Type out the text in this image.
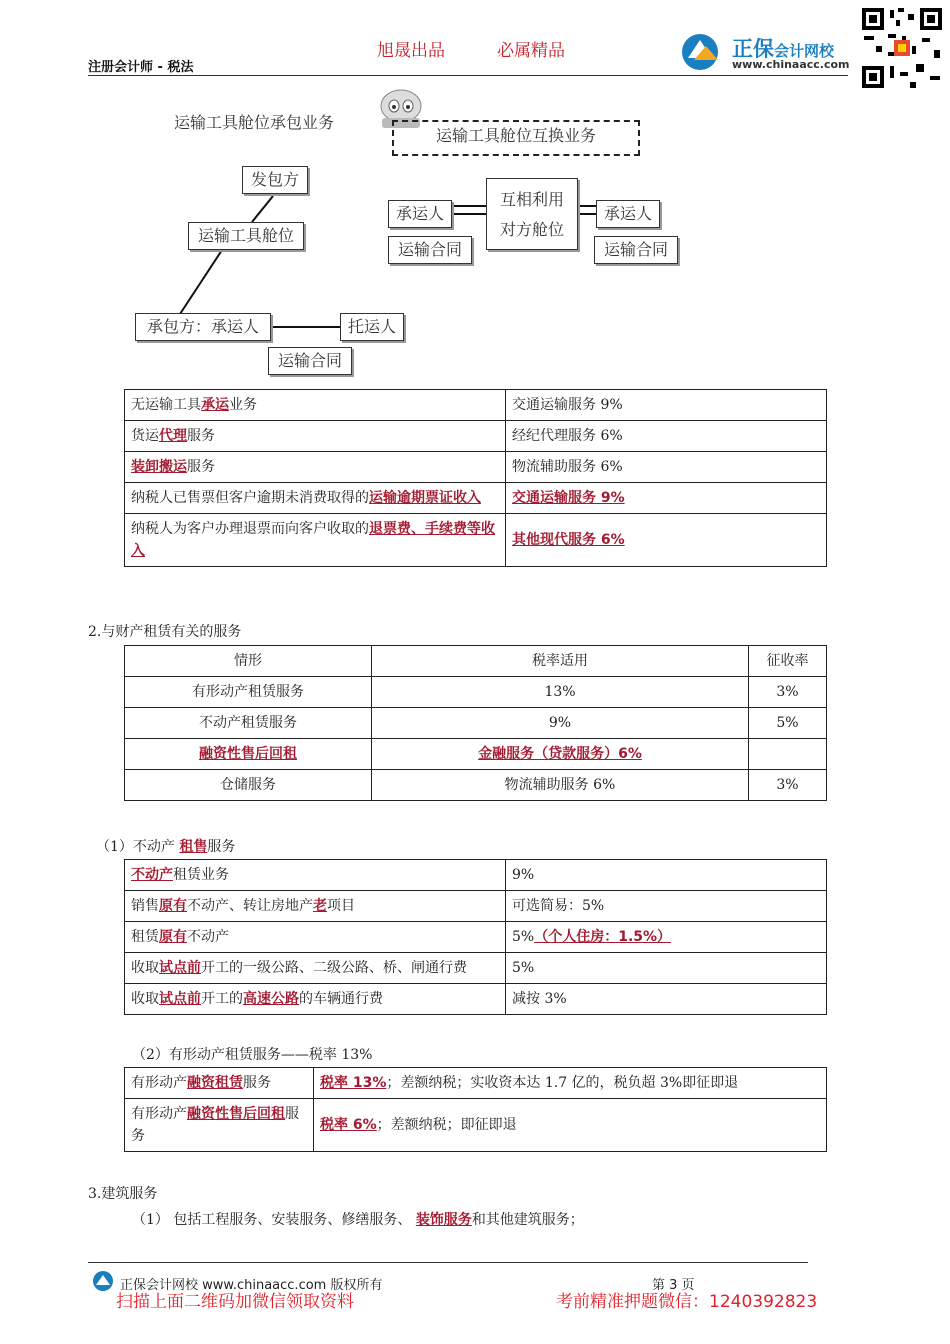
旭晟出品	必属精品
注册会计师 - 税法
正保会计网校
www.chinaacc.com
运输工具舱位承包业务
运输工具舱位互换业务
发包方
运输工具舱位
承包方：承运人	托运人
运输合同
承运人
运输合同
互相利用
对方舱位
承运人
运输合同
无运输工具承运业务	交通运输服务 9%
货运代理服务	经纪代理服务 6%
装卸搬运服务	物流辅助服务 6%
纳税人已售票但客户逾期未消费取得的运输逾期票证收入	交通运输服务 9%
纳税人为客户办理退票而向客户收取的退票费、手续费等收入	其他现代服务 6%
2.与财产租赁有关的服务
情形	税率适用	征收率
有形动产租赁服务	13%	3%
不动产租赁服务	9%	5%
融资性售后回租	金融服务（贷款服务）6%	
仓储服务	物流辅助服务 6%	3%
（1）不动产 租售服务
不动产租赁业务	9%
销售原有不动产、转让房地产老项目	可选简易：5%
租赁原有不动产	5%（个人住房：1.5%）
收取试点前开工的一级公路、二级公路、桥、闸通行费	5%
收取试点前开工的高速公路的车辆通行费	减按 3%
（2）有形动产租赁服务——税率 13%
有形动产融资租赁服务	税率 13%；差额纳税；实收资本达 1.7 亿的，税负超 3%即征即退
有形动产融资性售后回租服务	税率 6%；差额纳税；即征即退
3.建筑服务
（1） 包括工程服务、安装服务、修缮服务、 装饰服务和其他建筑服务；
正保会计网校 www.chinaacc.com 版权所有	第 3 页
扫描上面二维码加微信领取资料	考前精准押题微信：1240392823
